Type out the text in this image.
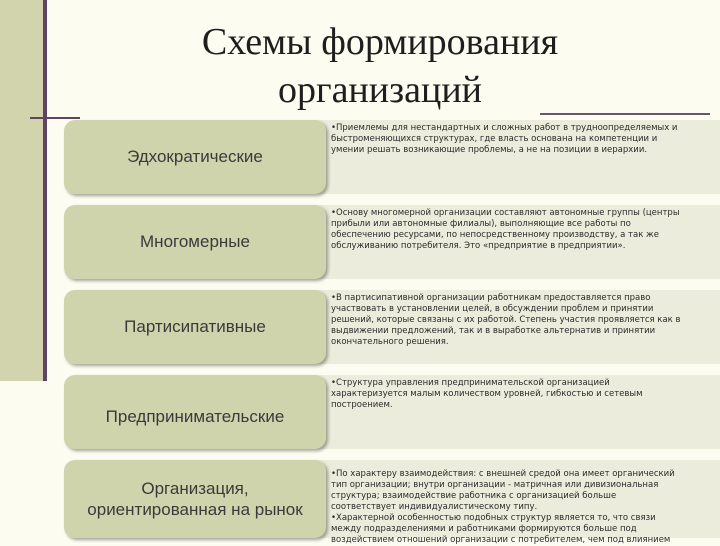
Схемы формирования
организаций
Эдхократические

•Приемлемы для нестандартных и сложных работ в трудноопределяемых и быстроменяющихся структурах, где власть основана на компетенции и умении решать возникающие проблемы, а не на позиции в иерархии.

Многомерные

•Основу многомерной организации составляют автономные группы (центры прибыли или автономные филиалы), выполняющие все работы по обеспечению ресурсами, по непосредственному производству, а так же обслуживанию потребителя. Это «предприятие в предприятии».

Партисипативные

•В партисипативной организации работникам предоставляется право участвовать в установлении целей, в обсуждении проблем и принятии решений, которые связаны с их работой. Степень участия проявляется как в выдвижении предложений, так и в выработке альтернатив и принятии окончательного решения.

Предпринимательские

•Структура управления предпринимательской организацией характеризуется малым количеством уровней, гибкостью и сетевым построением.

Организация, ориентированная на рынок

•По характеру взаимодействия: с внешней средой она имеет органический тип организации; внутри организации - матричная или дивизиональная структура; взаимодействие работника с организацией больше соответствует индивидуалистическому типу.

•Характерной особенностью подобных структур является то, что связи между подразделениями и работниками формируются больше под воздействием отношений организации с потребителем, чем под влиянием
